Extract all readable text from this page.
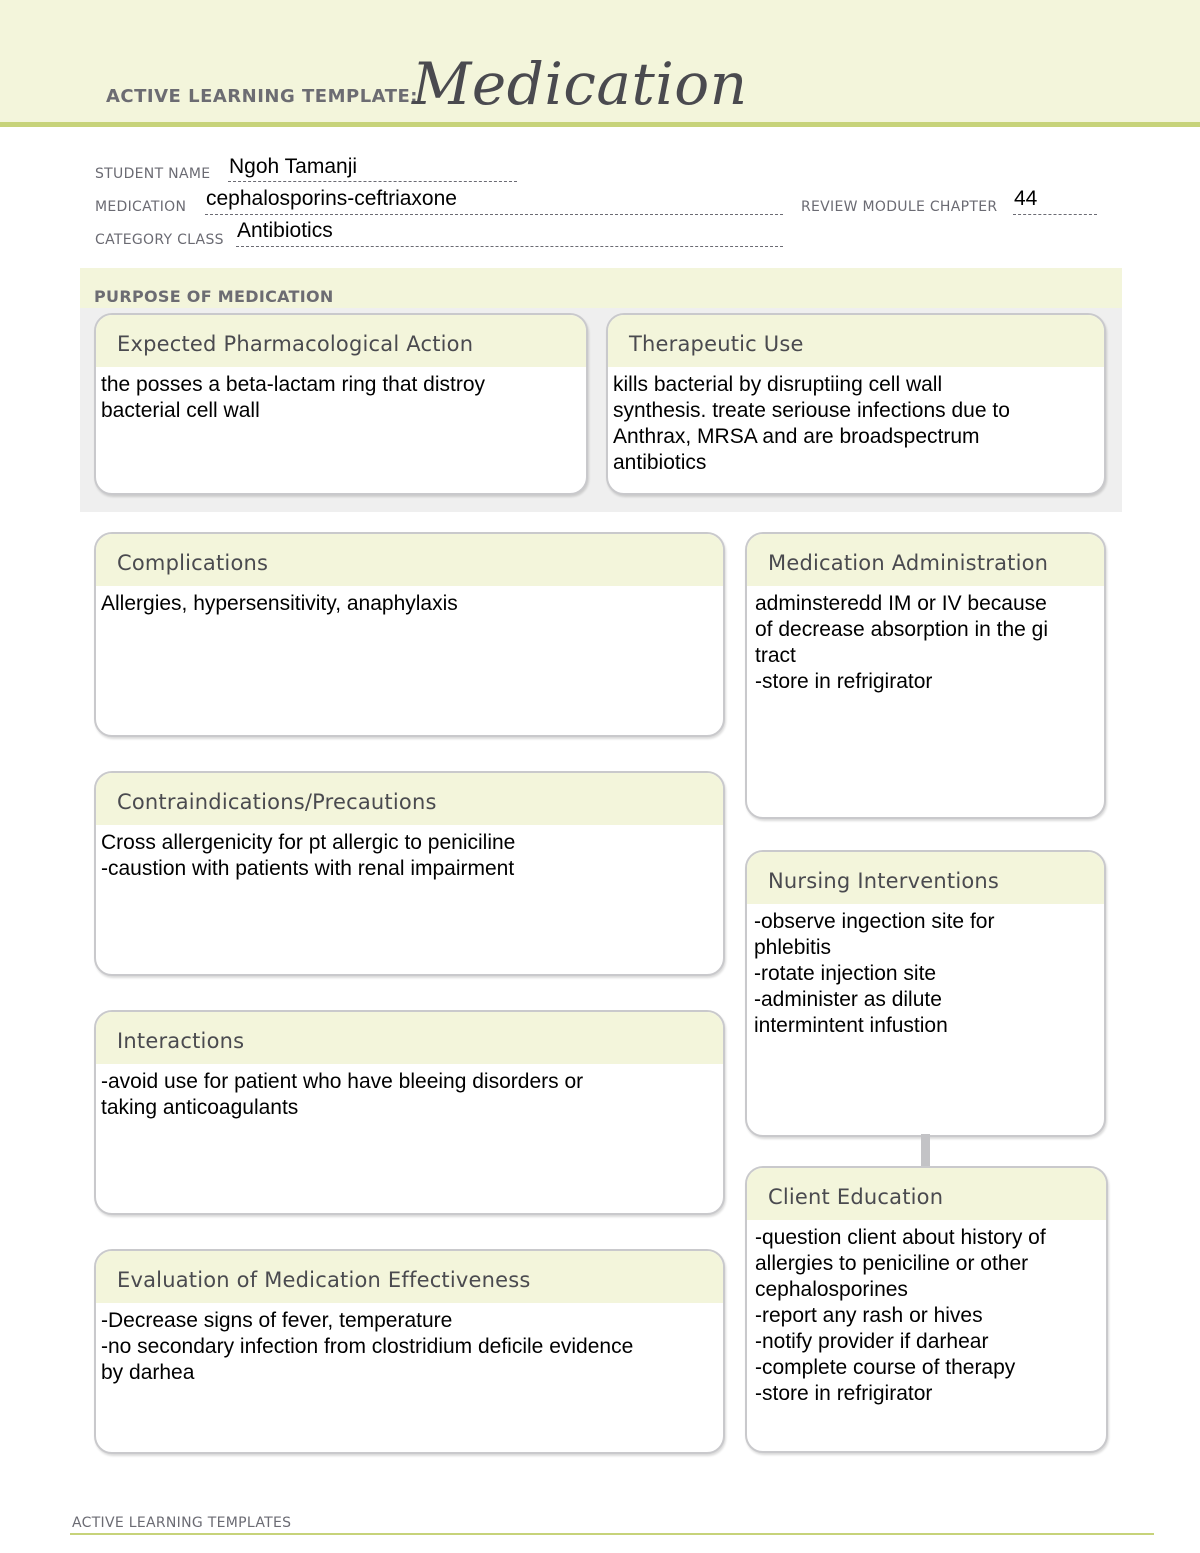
ACTIVE LEARNING TEMPLATE:
Medication
STUDENT NAME Ngoh Tamanji
MEDICATION cephalosporins-ceftriaxone	REVIEW MODULE CHAPTER 44
CATEGORY CLASS Antibiotics
PURPOSE OF MEDICATION
Expected Pharmacological Action
the posses a beta-lactam ring that distroy
bacterial cell wall
Therapeutic Use
kills bacterial by disruptiing cell wall
synthesis. treate seriouse infections due to
Anthrax, MRSA and are broadspectrum
antibiotics
Complications
Allergies, hypersensitivity, anaphylaxis
Contraindications/Precautions
Cross allergenicity for pt allergic to peniciline
-caustion with patients with renal impairment
Interactions
-avoid use for patient who have bleeing disorders or
taking anticoagulants
Evaluation of Medication Effectiveness
-Decrease signs of fever, temperature
-no secondary infection from clostridium deficile evidence
by darhea
Medication Administration
adminsteredd IM or IV because
of decrease absorption in the gi
tract
-store in refrigirator
Nursing Interventions
-observe ingection site for
phlebitis
-rotate injection site
-administer as dilute
intermintent infustion
Client Education
-question client about history of
allergies to peniciline or other
cephalosporines
-report any rash or hives
-notify provider if darhear
-complete course of therapy
-store in refrigirator
ACTIVE LEARNING TEMPLATES
